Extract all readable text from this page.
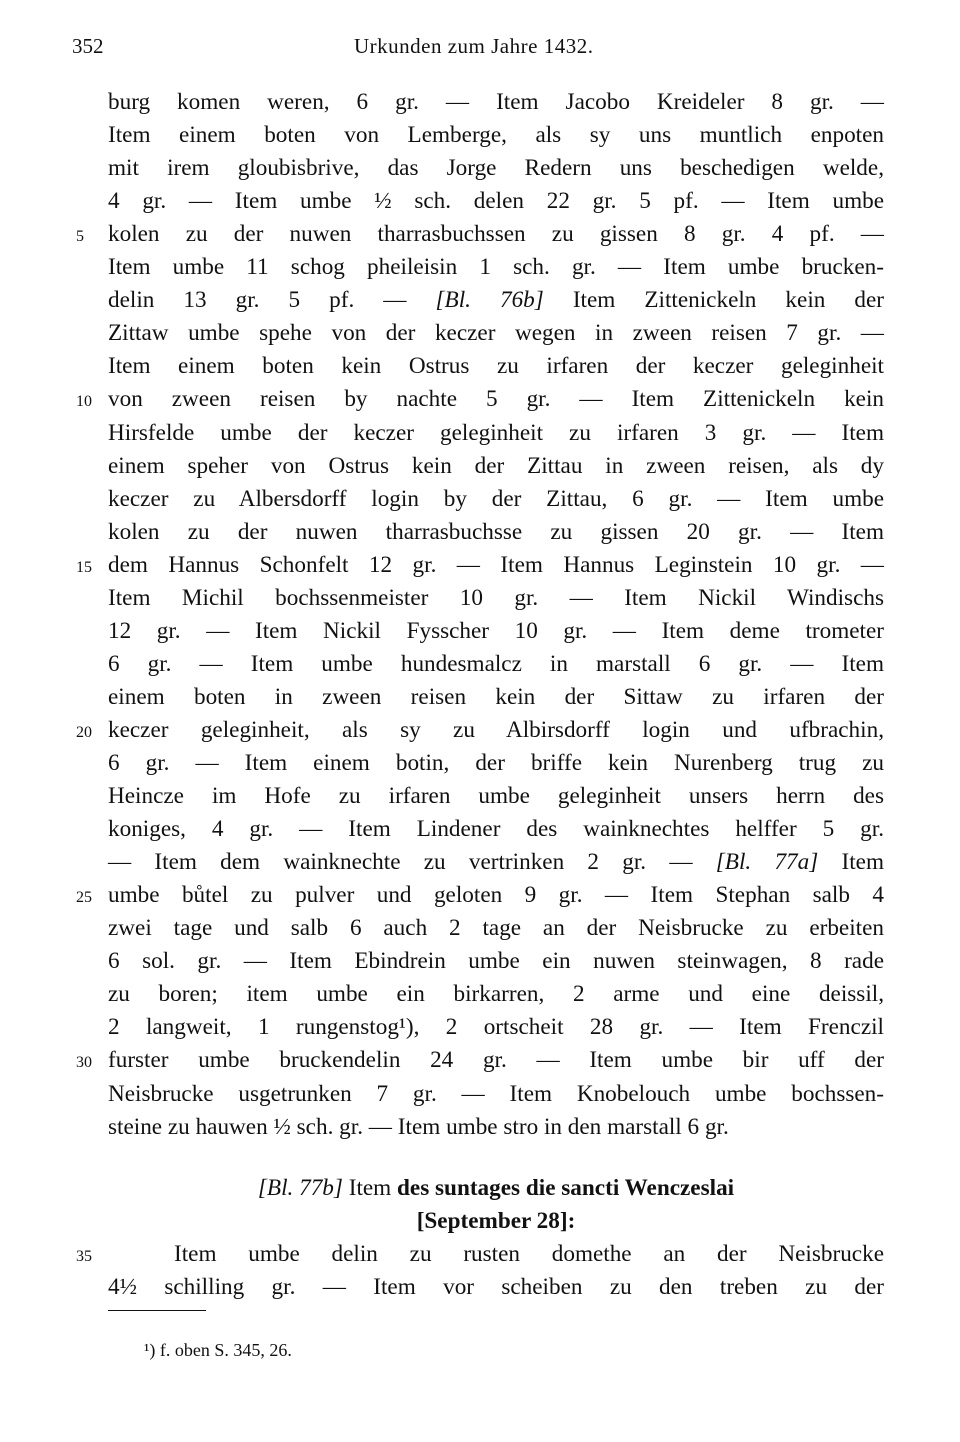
352	Urkunden zum Jahre 1432.
burg komen weren, 6 gr. — Item Jacobo Kreideler 8 gr. —
Item einem boten von Lemberge, als sy uns muntlich enpoten
mit irem gloubisbrive, das Jorge Redern uns beschedigen welde,
4 gr. — Item umbe ½ sch. delen 22 gr. 5 pf. — Item umbe
kolen zu der nuwen tharrasbuchssen zu gissen 8 gr. 4 pf. —
Item umbe 11 schog pheileisin 1 sch. gr. — Item umbe brucken-
delin 13 gr. 5 pf. — [Bl. 76b] Item Zittenickeln kein der
Zittaw umbe spehe von der keczer wegen in zween reisen 7 gr. —
Item einem boten kein Ostrus zu irfaren der keczer geleginheit
von zween reisen by nachte 5 gr. — Item Zittenickeln kein
Hirsfelde umbe der keczer geleginheit zu irfaren 3 gr. — Item
einem speher von Ostrus kein der Zittau in zween reisen, als dy
keczer zu Albersdorff login by der Zittau, 6 gr. — Item umbe
kolen zu der nuwen tharrasbuchsse zu gissen 20 gr. — Item
dem Hannus Schonfelt 12 gr. — Item Hannus Leginstein 10 gr. —
Item Michil bochssenmeister 10 gr. — Item Nickil Windischs
12 gr. — Item Nickil Fysscher 10 gr. — Item deme trometer
6 gr. — Item umbe hundesmalcz in marstall 6 gr. — Item
einem boten in zween reisen kein der Sittaw zu irfaren der
keczer geleginheit, als sy zu Albirsdorff login und ufbrachin,
6 gr. — Item einem botin, der briffe kein Nurenberg trug zu
Heincze im Hofe zu irfaren umbe geleginheit unsers herrn des
koniges, 4 gr. — Item Lindener des wainknechtes helffer 5 gr.
— Item dem wainknechte zu vertrinken 2 gr. — [Bl. 77a] Item
umbe bůtel zu pulver und geloten 9 gr. — Item Stephan salb 4
zwei tage und salb 6 auch 2 tage an der Neisbrucke zu erbeiten
6 sol. gr. — Item Ebindrein umbe ein nuwen steinwagen, 8 rade
zu boren; item umbe ein birkarren, 2 arme und eine deissil,
2 langweit, 1 rungenstog¹), 2 ortscheit 28 gr. — Item Frenczil
furster umbe bruckendelin 24 gr. — Item umbe bir uff der
Neisbrucke usgetrunken 7 gr. — Item Knobelouch umbe bochssen-
steine zu hauwen ½ sch. gr. — Item umbe stro in den marstall 6 gr.
[Bl. 77b] Item des suntages die sancti Wenczeslai
[September 28]:
Item umbe delin zu rusten domethe an der Neisbrucke
4½ schilling gr. — Item vor scheiben zu den treben zu der
5
10
15
20
25
30
35
¹) f. oben S. 345, 26.
